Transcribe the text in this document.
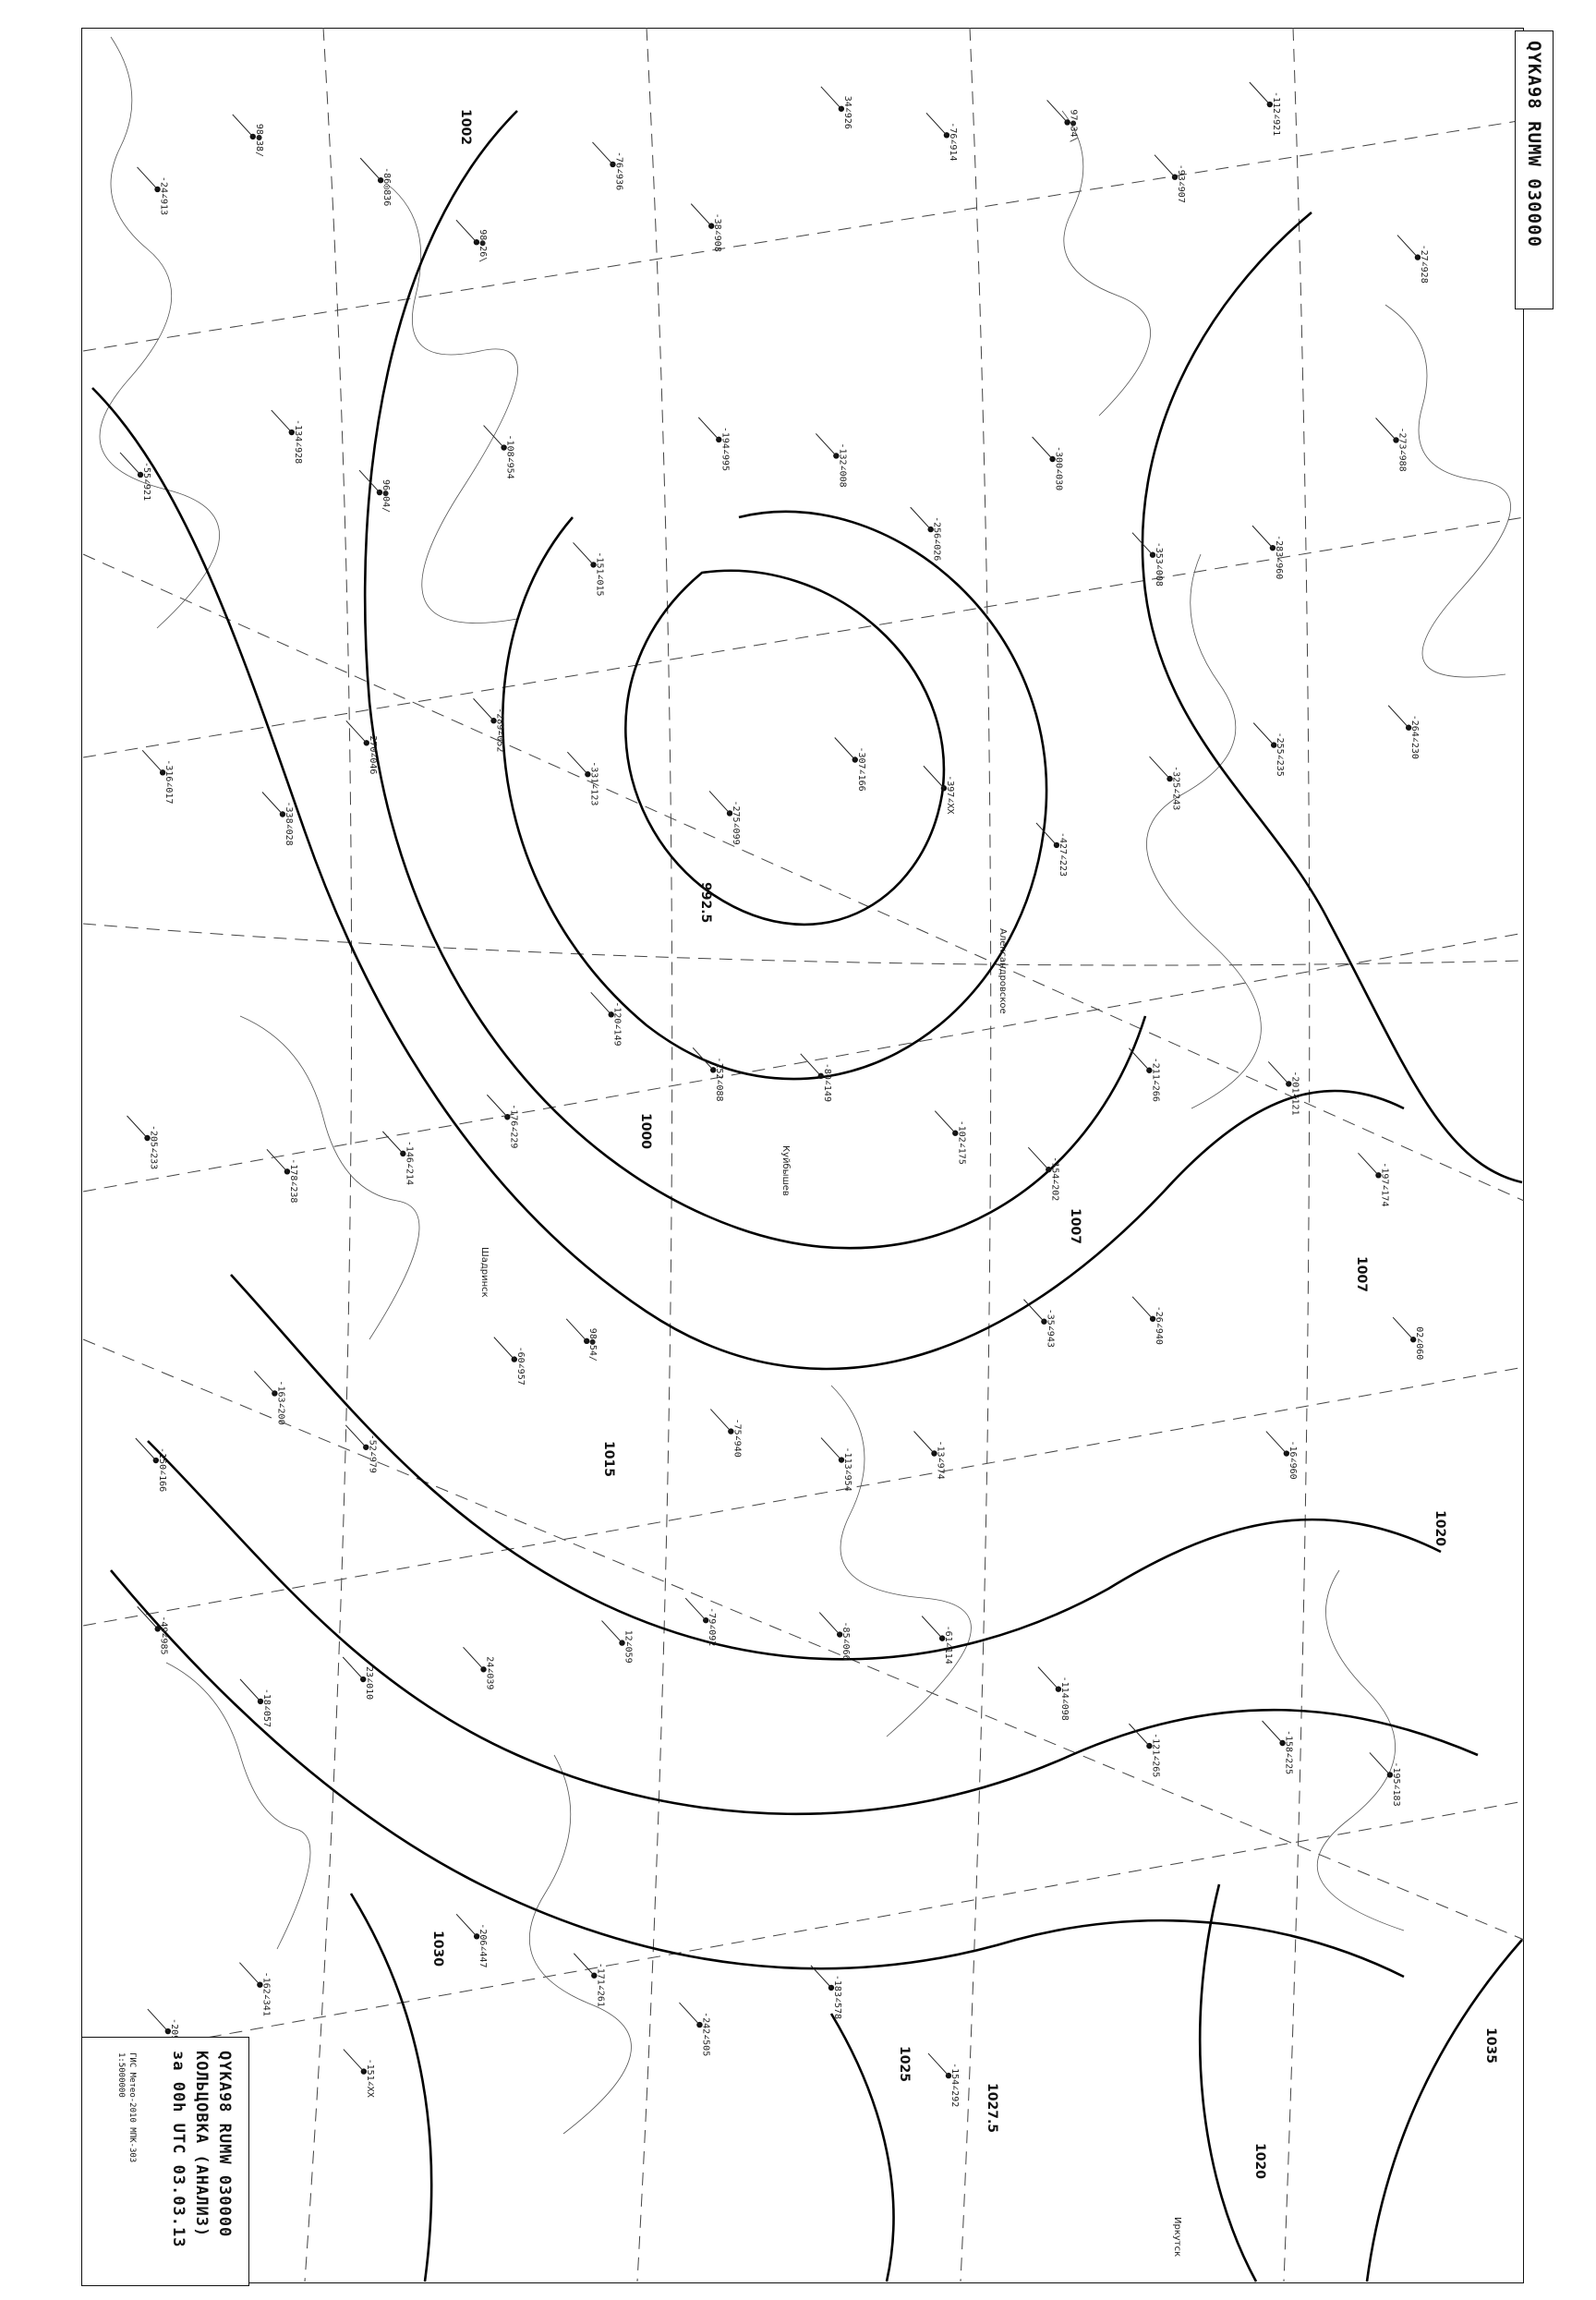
992.5
1000
1002
1007
1007
1015
1020
1020
1025
1027.5
1030
1035
-24∠913
98●38/
-86◎836
98●26\
-76∠936
-38∠908
34∠926
-76∠914	97●34\
-93∠907
-112∠921
-27∠928
-55∠921
-134∠928
96●04/
-108∠954
-151∠015
-194∠995	-132∠008
-256∠026
-300∠030
-353∠008	-283∠960
-273∠988
-316∠017
-338∠028
-270∠046	-289∠052
-331∠123
-275∠099
-307∠166
-397∠XX
-427∠223
-325∠243
-255∠235	-264∠230
-205∠233
-178∠238	-146∠214
-176∠229
-120∠149
-152∠088	-80∠149
-102∠175
-154∠202
-211∠266	-201∠121
-197∠174
-150∠166
-163∠200
-52∠979
-60∠957
98●54/
-75∠940
-113∠954	-13∠974
-35∠943	-26∠940
-16∠960
02∠060
-49∠985
-18∠057
23∠010	24∠039
12∠059
-79∠092	-85∠066	-61∠114
-114∠098
-121∠265	-158∠225
-195∠183
-162∠341
-151∠XX
-206∠447
-171∠261
-242∠505
-183∠578
-154∠292
Александровское
Шадринск
Куйбышев
Иркутск
QYKA98 RUMW 030000
QYKA98 RUMW 030000
КОЛЬЦОВКА (АНАЛИЗ)
за 00h UTC 03.03.13
ГИС Метео-2010 МПК-303
1:5000000
